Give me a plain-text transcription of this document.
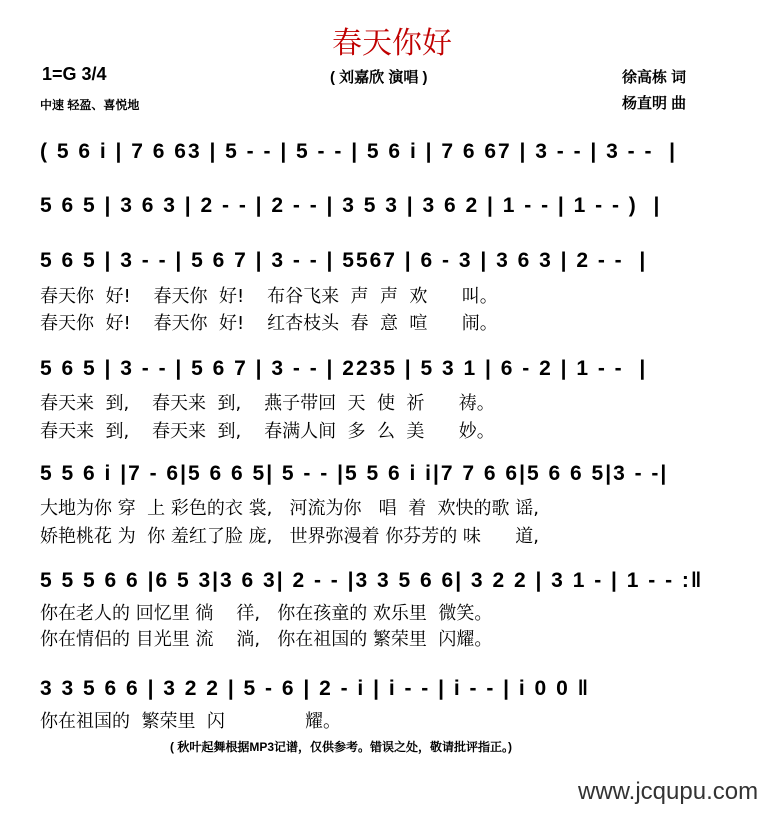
春天你好
1=G 3/4
中速 轻盈、喜悦地
( 刘嘉欣 演唱 )	徐高栋 词
杨直明 曲
( 5 6 i | 7 6 63 | 5 - - | 5 - - | 5 6 i | 7 6 67 | 3 - - | 3 - -  |
5 6 5 | 3 6 3 | 2 - - | 2 - - | 3 5 3 | 3 6 2 | 1 - - | 1 - - )  |
5 6 5 | 3 - - | 5 6 7 | 3 - - | 5567 | 6 - 3 | 3 6 3 | 2 - -  |
春天你  好!    春天你  好!    布谷飞来  声  声  欢      叫。
春天你  好!    春天你  好!    红杏枝头  春  意  喧      闹。
5 6 5 | 3 - - | 5 6 7 | 3 - - | 2235 | 5 3 1 | 6 - 2 | 1 - -  |
春天来  到,    春天来  到,    燕子带回  天  使  祈      祷。
春天来  到,    春天来  到,    春满人间  多  么  美      妙。
5 5 6 i |7 - 6|5 6 6 5| 5 - - |5 5 6 i i|7 7 6 6|5 6 6 5|3 - -|
大地为你 穿  上 彩色的衣 裳,   河流为你   唱  着  欢快的歌 谣,
娇艳桃花 为  你 羞红了脸 庞,   世界弥漫着 你芬芳的 味      道,
5 5 5 6 6 |6 5 3|3 6 3| 2 - - |3 3 5 6 6| 3 2 2 | 3 1 - | 1 - - :‖
你在老人的 回忆里 徜    徉,   你在孩童的 欢乐里  微笑。
你在情侣的 目光里 流    淌,   你在祖国的 繁荣里  闪耀。
3 3 5 6 6 | 3 2 2 | 5 - 6 | 2 - i | i - - | i - - | i 0 0 ‖
你在祖国的  繁荣里  闪              耀。
( 秋叶起舞根据MP3记谱，仅供参考。错误之处，敬请批评指正。)
www.jcqupu.com
